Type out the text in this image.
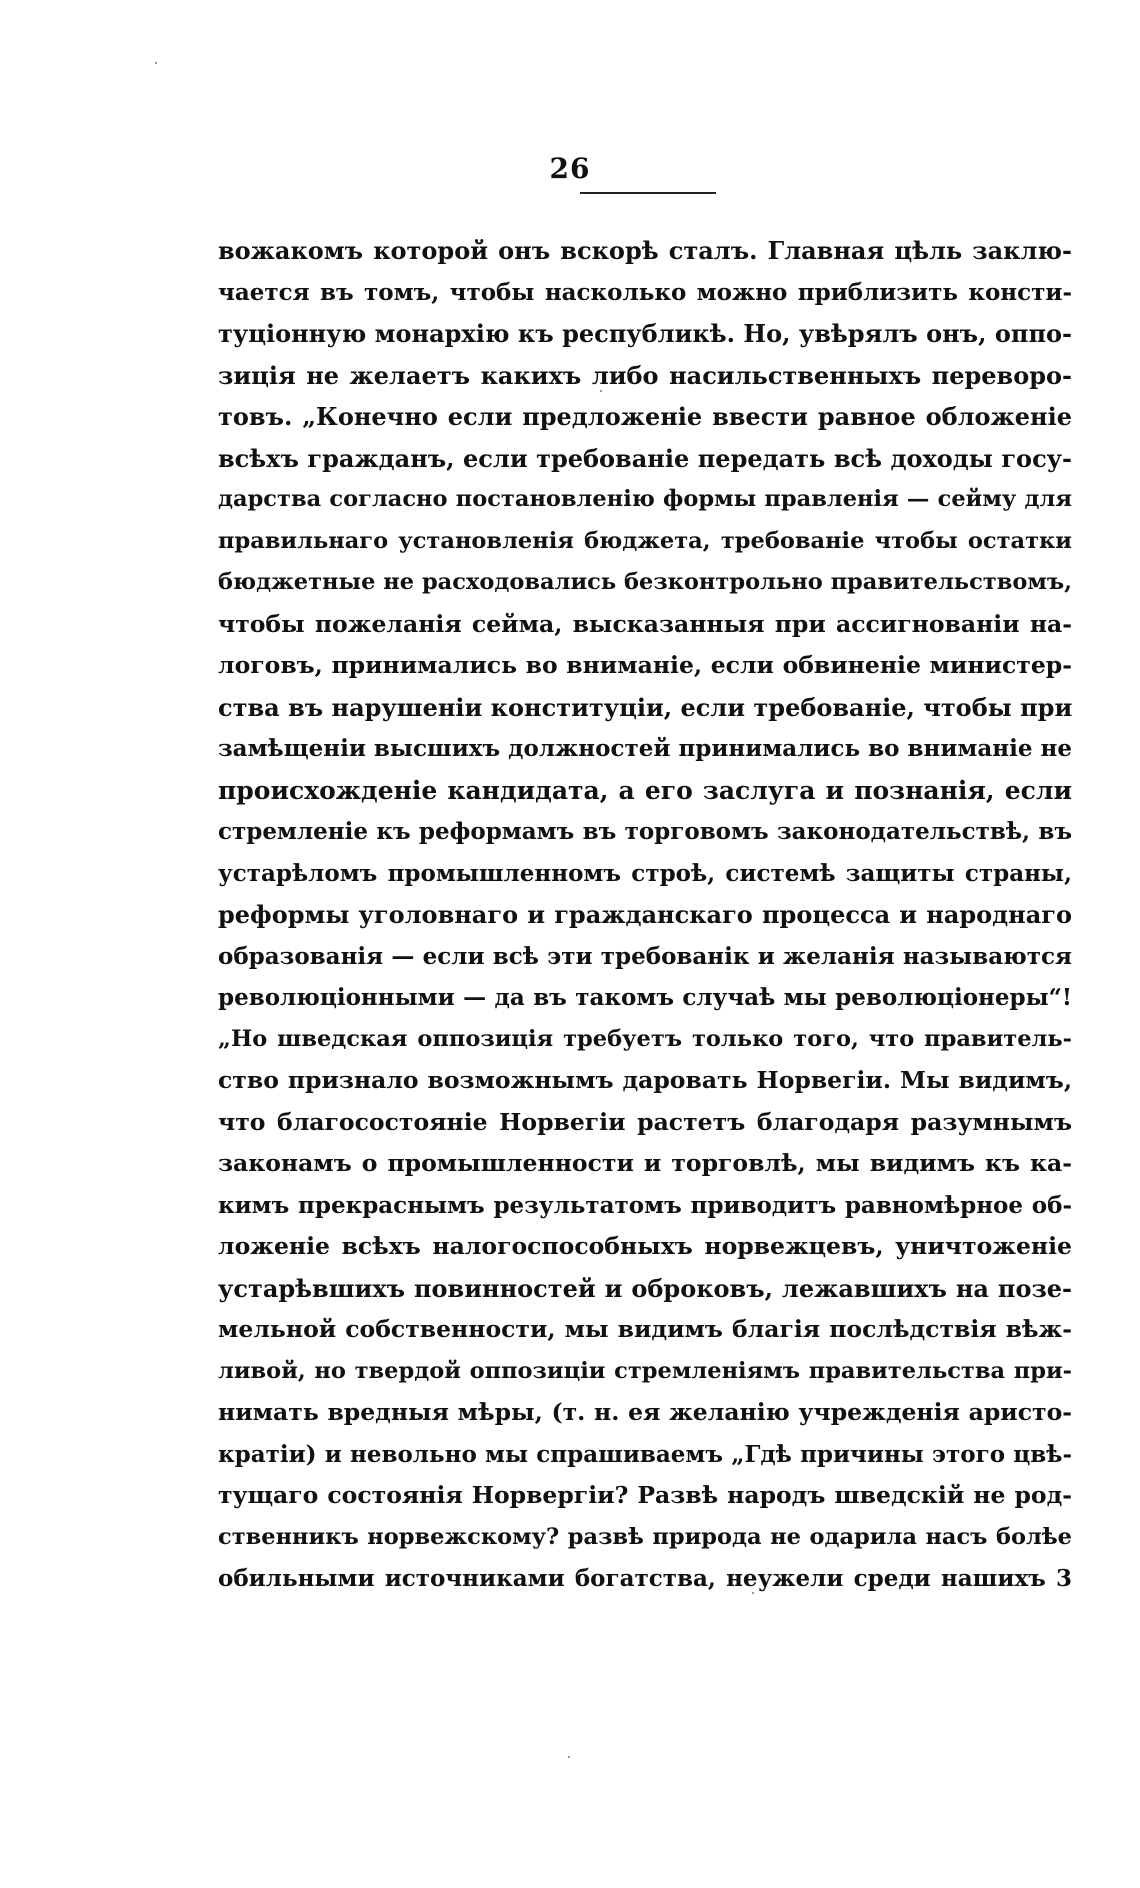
26
вожакомъ которой онъ вскорѣ сталъ. Главная цѣль заклю-
чается въ томъ, чтобы насколько можно приблизить консти-
туціонную монархію къ республикѣ. Но, увѣрялъ онъ, оппо-
зиція не желаетъ какихъ либо насильственныхъ переворо-
товъ. „Конечно если предложеніе ввести равное обложеніе
всѣхъ гражданъ, если требованіе передать всѣ доходы госу-
дарства согласно постановленію формы правленія — сейму для
правильнаго установленія бюджета, требованіе чтобы остатки
бюджетные не расходовались безконтрольно правительствомъ,
чтобы пожеланія сейма, высказанныя при ассигнованіи на-
логовъ, принимались во вниманіе, если обвиненіе министер-
ства въ нарушеніи конституціи, если требованіе, чтобы при
замѣщеніи высшихъ должностей принимались во вниманіе не
происхожденіе кандидата, а его заслуга и познанія, если
стремленіе къ реформамъ въ торговомъ законодательствѣ, въ
устарѣломъ промышленномъ строѣ, системѣ защиты страны,
реформы уголовнаго и гражданскаго процесса и народнаго
образованія — если всѣ эти требованік и желанія называются
революціонными — да въ такомъ случаѣ мы революціонеры“!
„Но шведская оппозиція требуетъ только того, что правитель-
ство признало возможнымъ даровать Норвегіи. Мы видимъ,
что благосостояніе Норвегіи растетъ благодаря разумнымъ
законамъ о промышленности и торговлѣ, мы видимъ къ ка-
кимъ прекраснымъ результатомъ приводитъ равномѣрное об-
ложеніе всѣхъ налогоспособныхъ норвежцевъ, уничтоженіе
устарѣвшихъ повинностей и оброковъ, лежавшихъ на позе-
мельной собственности, мы видимъ благія послѣдствія вѣж-
ливой, но твердой оппозиціи стремленіямъ правительства при-
нимать вредныя мѣры, (т. н. ея желанію учрежденія аристо-
кратіи) и невольно мы спрашиваемъ „Гдѣ причины этого цвѣ-
тущаго состоянія Норвергіи? Развѣ народъ шведскій не род-
ственникъ норвежскому? развѣ природа не одарила насъ болѣе
обильными источниками богатства, неужели среди нашихъ 3
